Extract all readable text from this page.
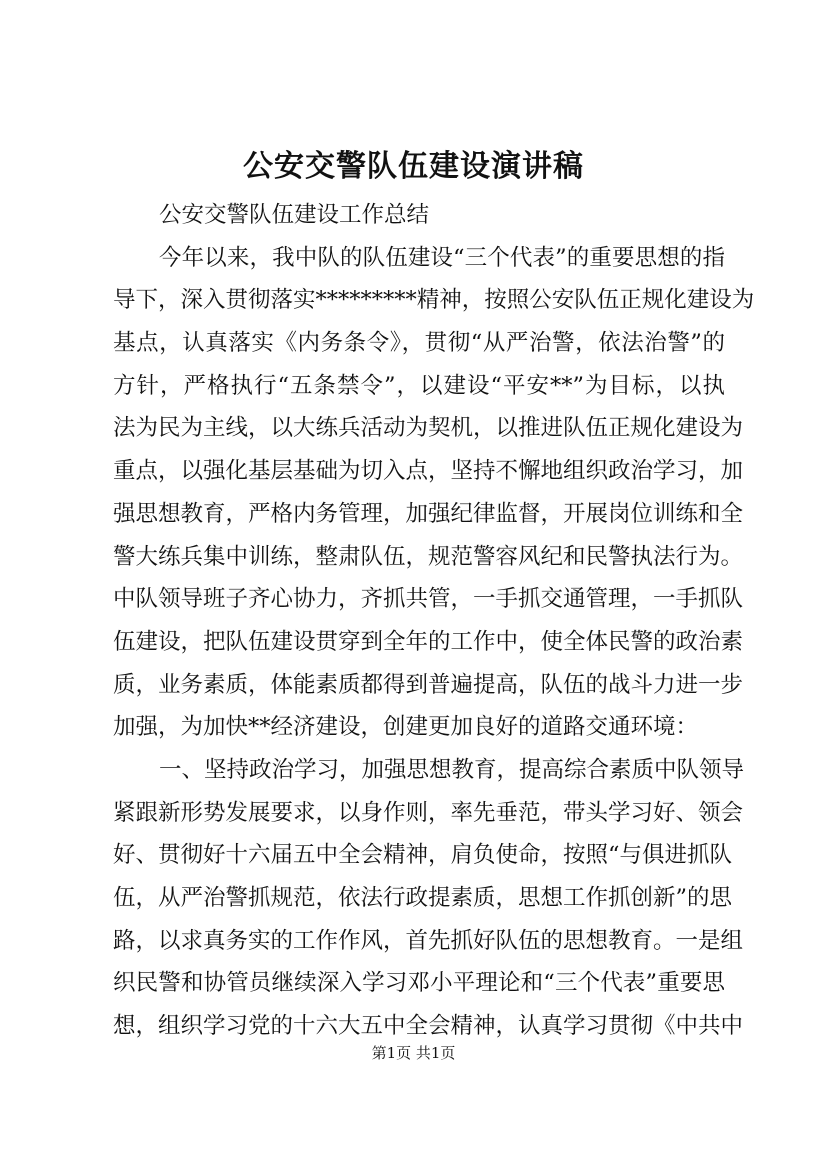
公安交警队伍建设演讲稿
公安交警队伍建设工作总结
今年以来，我中队的队伍建设“三个代表”的重要思想的指
导下，深入贯彻落实*********精神，按照公安队伍正规化建设为
基点，认真落实《内务条令》，贯彻“从严治警，依法治警”的
方针，严格执行“五条禁令”，以建设“平安**”为目标，以执
法为民为主线，以大练兵活动为契机，以推进队伍正规化建设为
重点，以强化基层基础为切入点，坚持不懈地组织政治学习，加
强思想教育，严格内务管理，加强纪律监督，开展岗位训练和全
警大练兵集中训练，整肃队伍，规范警容风纪和民警执法行为。
中队领导班子齐心协力，齐抓共管，一手抓交通管理，一手抓队
伍建设，把队伍建设贯穿到全年的工作中，使全体民警的政治素
质，业务素质，体能素质都得到普遍提高，队伍的战斗力进一步
加强，为加快**经济建设，创建更加良好的道路交通环境：
一、坚持政治学习，加强思想教育，提高综合素质中队领导
紧跟新形势发展要求，以身作则，率先垂范，带头学习好、领会
好、贯彻好十六届五中全会精神，肩负使命，按照“与俱进抓队
伍，从严治警抓规范，依法行政提素质，思想工作抓创新”的思
路，以求真务实的工作作风，首先抓好队伍的思想教育。一是组
织民警和协管员继续深入学习邓小平理论和“三个代表”重要思
想，组织学习党的十六大五中全会精神，认真学习贯彻《中共中
第1页 共1页
